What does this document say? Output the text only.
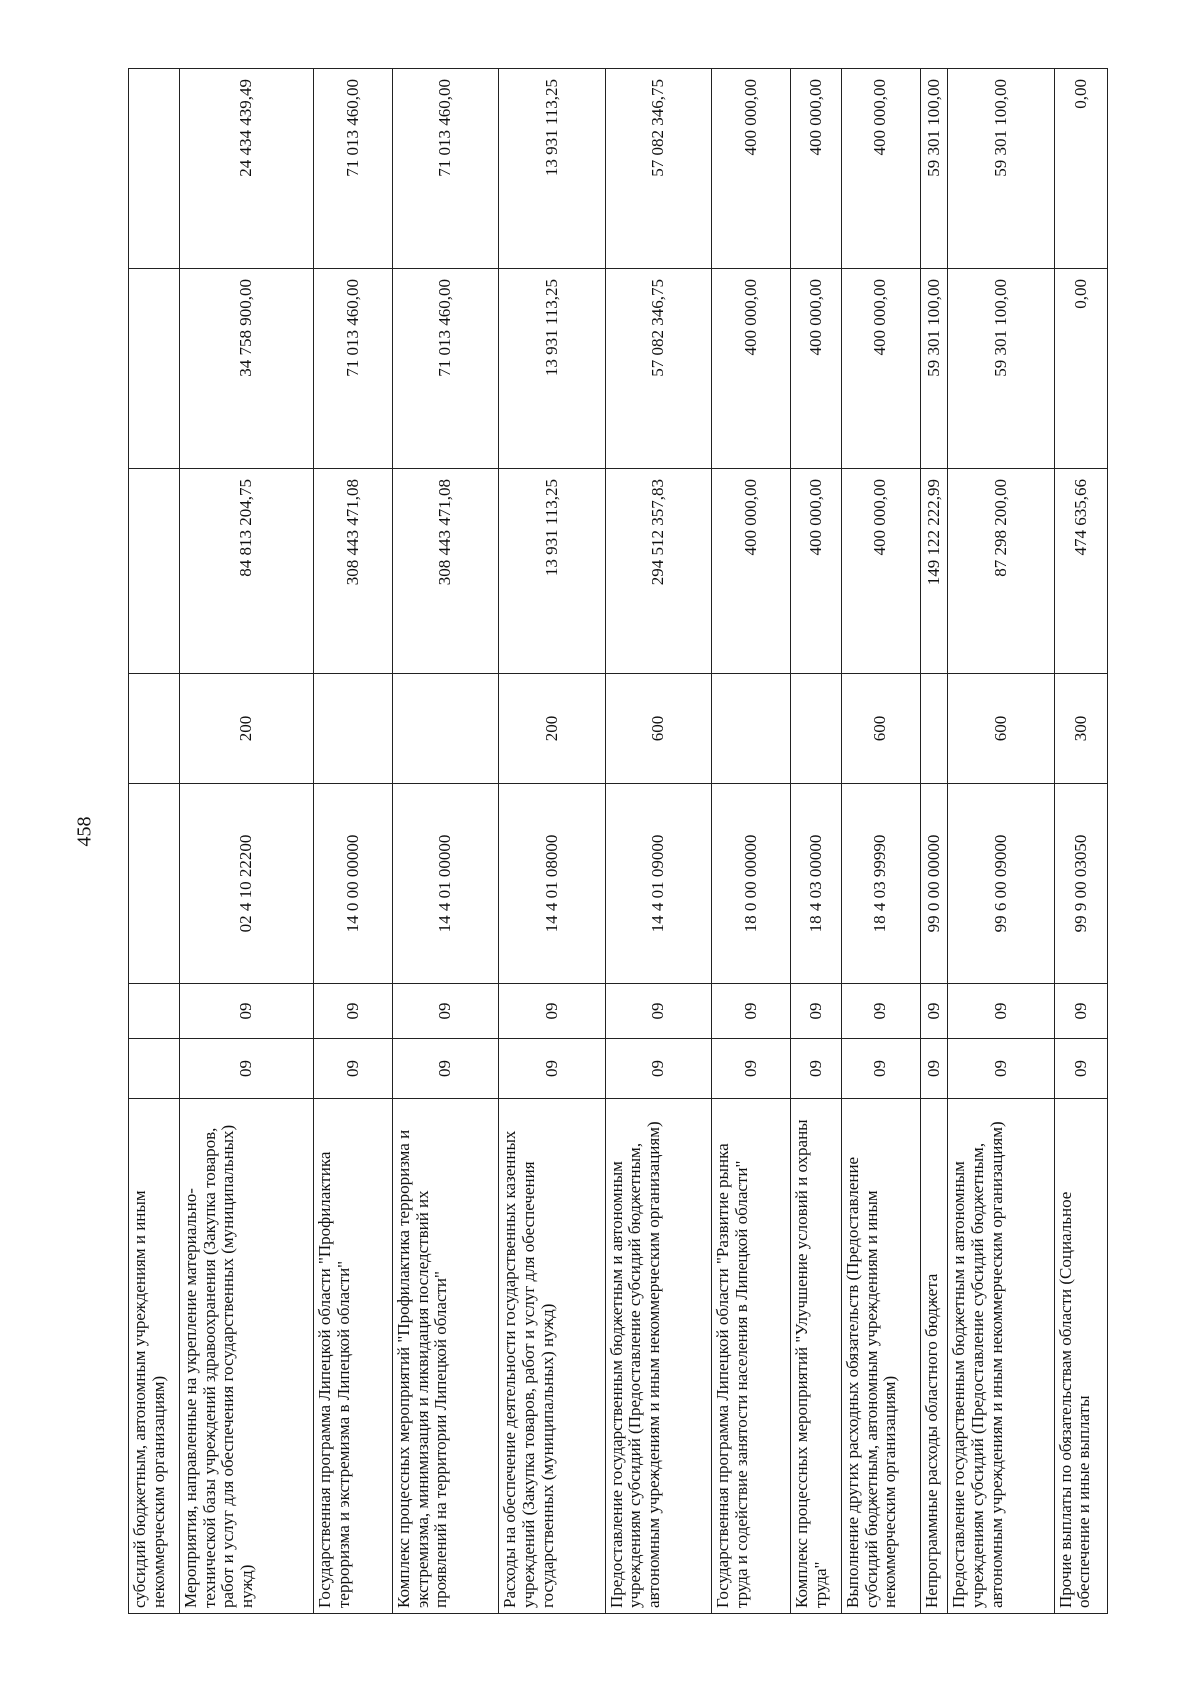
458
субсидий бюджетным, автономным учреждениям и иным некоммерческим организациям)							
Мероприятия, направленные на укрепление материально-технической базы учреждений здравоохранения (Закупка товаров, работ и услуг для обеспечения государственных (муниципальных) нужд)	09	09	02 4 10 22200	200	84 813 204,75	34 758 900,00	24 434 439,49
Государственная программа Липецкой области "Профилактика терроризма и экстремизма в Липецкой области"	09	09	14 0 00 00000		308 443 471,08	71 013 460,00	71 013 460,00
Комплекс процессных мероприятий "Профилактика терроризма и экстремизма, минимизация и ликвидация последствий их проявлений на территории Липецкой области"	09	09	14 4 01 00000		308 443 471,08	71 013 460,00	71 013 460,00
Расходы на обеспечение деятельности государственных казенных учреждений (Закупка товаров, работ и услуг для обеспечения государственных (муниципальных) нужд)	09	09	14 4 01 08000	200	13 931 113,25	13 931 113,25	13 931 113,25
Предоставление государственным бюджетным и автономным учреждениям субсидий (Предоставление субсидий бюджетным, автономным учреждениям и иным некоммерческим организациям)	09	09	14 4 01 09000	600	294 512 357,83	57 082 346,75	57 082 346,75
Государственная программа Липецкой области "Развитие рынка труда и содействие занятости населения в Липецкой области"	09	09	18 0 00 00000		400 000,00	400 000,00	400 000,00
Комплекс процессных мероприятий "Улучшение условий и охраны труда"	09	09	18 4 03 00000		400 000,00	400 000,00	400 000,00
Выполнение других расходных обязательств (Предоставление субсидий бюджетным, автономным учреждениям и иным некоммерческим организациям)	09	09	18 4 03 99990	600	400 000,00	400 000,00	400 000,00
Непрограммные расходы областного бюджета	09	09	99 0 00 00000		149 122 222,99	59 301 100,00	59 301 100,00
Предоставление государственным бюджетным и автономным учреждениям субсидий (Предоставление субсидий бюджетным, автономным учреждениям и иным некоммерческим организациям)	09	09	99 6 00 09000	600	87 298 200,00	59 301 100,00	59 301 100,00
Прочие выплаты по обязательствам области (Социальное обеспечение и иные выплаты	09	09	99 9 00 03050	300	474 635,66	0,00	0,00
